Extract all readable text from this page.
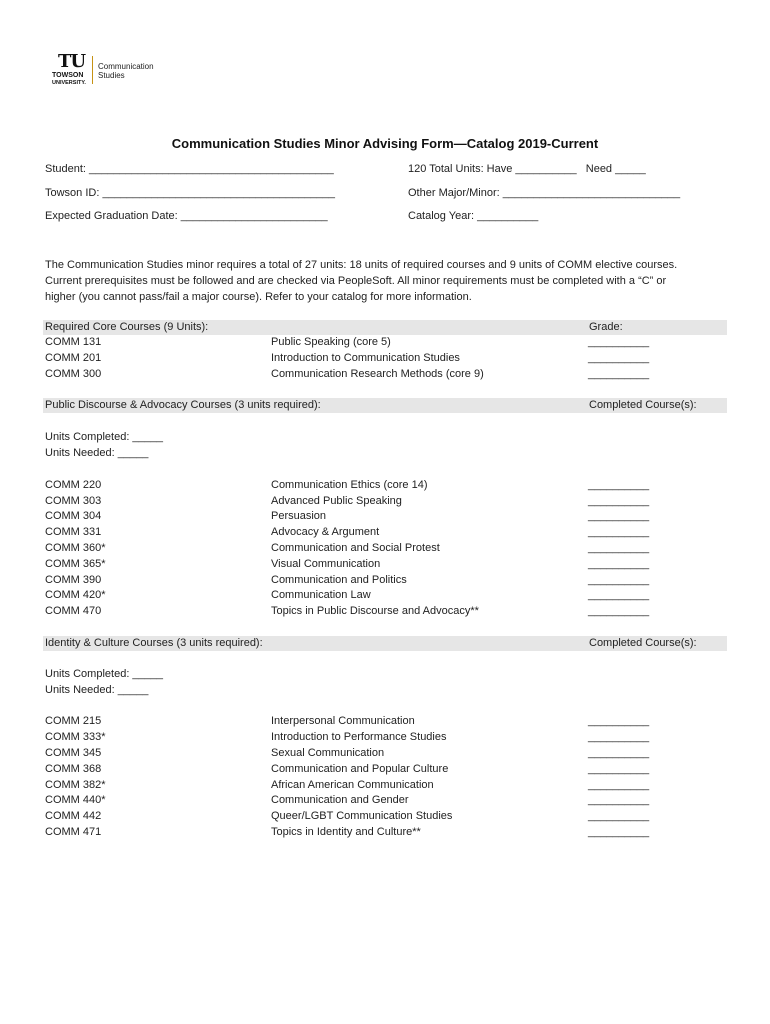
TU
TOWSON
UNIVERSITY.
Communication
Studies
Communication Studies Minor Advising Form—Catalog 2019-Current
Student: ________________________________________	120 Total Units: Have __________   Need _____
Towson ID: ______________________________________	Other Major/Minor: _____________________________
Expected Graduation Date: ________________________	Catalog Year: __________
The Communication Studies minor requires a total of 27 units: 18 units of required courses and 9 units of COMM elective courses.
Current prerequisites must be followed and are checked via PeopleSoft. All minor requirements must be completed with a “C” or
higher (you cannot pass/fail a major course). Refer to your catalog for more information.
Required Core Courses (9 Units):	Grade:
COMM 131	Public Speaking (core 5)	__________
COMM 201	Introduction to Communication Studies	__________
COMM 300	Communication Research Methods (core 9)	__________
Public Discourse & Advocacy Courses (3 units required):	Completed Course(s):
Units Completed: _____
Units Needed: _____
COMM 220	Communication Ethics (core 14)	__________
COMM 303	Advanced Public Speaking	__________
COMM 304	Persuasion	__________
COMM 331	Advocacy & Argument	__________
COMM 360*	Communication and Social Protest	__________
COMM 365*	Visual Communication	__________
COMM 390	Communication and Politics	__________
COMM 420*	Communication Law	__________
COMM 470	Topics in Public Discourse and Advocacy**	__________
Identity & Culture Courses (3 units required):	Completed Course(s):
Units Completed: _____
Units Needed: _____
COMM 215	Interpersonal Communication	__________
COMM 333*	Introduction to Performance Studies	__________
COMM 345	Sexual Communication	__________
COMM 368	Communication and Popular Culture	__________
COMM 382*	African American Communication	__________
COMM 440*	Communication and Gender	__________
COMM 442	Queer/LGBT Communication Studies	__________
COMM 471	Topics in Identity and Culture**	__________
